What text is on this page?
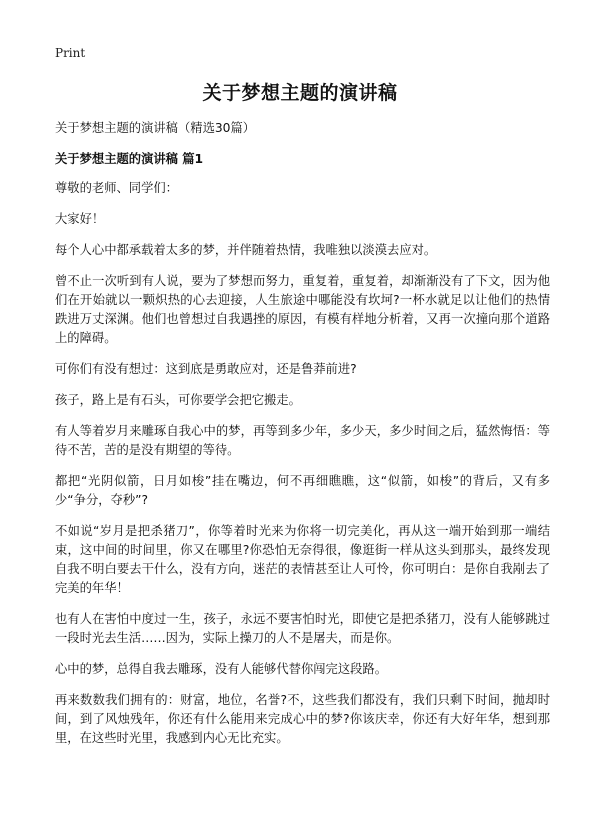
Print
关于梦想主题的演讲稿

关于梦想主题的演讲稿（精选30篇）

关于梦想主题的演讲稿 篇1

尊敬的老师、同学们：

大家好！

每个人心中都承载着太多的梦，并伴随着热情，我唯独以淡漠去应对。

曾不止一次听到有人说，要为了梦想而努力，重复着，重复着，却渐渐没有了下文，因为他们在开始就以一颗炽热的心去迎接，人生旅途中哪能没有坎坷?一杯水就足以让他们的热情跌进万丈深渊。他们也曾想过自我遇挫的原因，有模有样地分析着，又再一次撞向那个道路上的障碍。

可你们有没有想过：这到底是勇敢应对，还是鲁莽前进?

孩子，路上是有石头，可你要学会把它搬走。

有人等着岁月来雕琢自我心中的梦，再等到多少年，多少天，多少时间之后，猛然悔悟：等待不苦，苦的是没有期望的等待。

都把“光阴似箭，日月如梭”挂在嘴边，何不再细瞧瞧，这“似箭，如梭”的背后，又有多少“争分，夺秒”?

不如说“岁月是把杀猪刀”，你等着时光来为你将一切完美化，再从这一端开始到那一端结束，这中间的时间里，你又在哪里?你恐怕无奈得很，像逛街一样从这头到那头，最终发现自我不明白要去干什么，没有方向，迷茫的表情甚至让人可怜，你可明白：是你自我剐去了完美的年华！

也有人在害怕中度过一生，孩子，永远不要害怕时光，即使它是把杀猪刀，没有人能够跳过一段时光去生活……因为，实际上操刀的人不是屠夫，而是你。

心中的梦，总得自我去雕琢，没有人能够代替你闯完这段路。

再来数数我们拥有的：财富，地位，名誉?不，这些我们都没有，我们只剩下时间，抛却时间，到了风烛残年，你还有什么能用来完成心中的梦?你该庆幸，你还有大好年华，想到那里，在这些时光里，我感到内心无比充实。
